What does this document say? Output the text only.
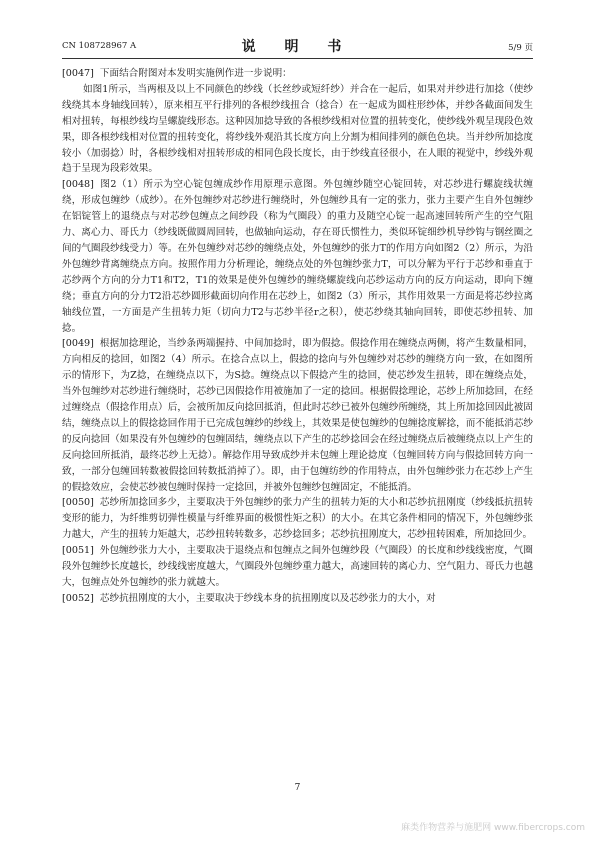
CN 108728967 A	说 明 书	5/9 页

[0047] 下面结合附图对本发明实施例作进一步说明：

如图1所示，当两根及以上不同颜色的纱线（长丝纱或短纤纱）并合在一起后，如果对并纱进行加捻（使纱线绕其本身轴线回转），原来相互平行排列的各根纱线扭合（捻合）在一起成为圆柱形纱体，并纱各截面间发生相对扭转，每根纱线均呈螺旋线形态。这种因加捻导致的各根纱线相对位置的扭转变化，使纱线外观呈现段色效果，即各根纱线相对位置的扭转变化，将纱线外观沿其长度方向上分割为相间排列的颜色色块。当并纱所加捻度较小（加弱捻）时，各根纱线相对扭转形成的相同色段长度长，由于纱线直径很小，在人眼的视觉中，纱线外观趋于呈现为段彩效果。

[0048] 图2（1）所示为空心锭包缠成纱作用原理示意图。外包缠纱随空心锭回转，对芯纱进行螺旋线状缠绕，形成包缠纱（成纱）。在外包缠纱对芯纱进行缠绕时，外包缠纱具有一定的张力，张力主要产生自外包缠纱在铝锭管上的退绕点与对芯纱包缠点之间纱段（称为气圈段）的重力及随空心锭一起高速回转所产生的空气阻力、离心力、哥氏力（纱线既做圆周回转，也做轴向运动，存在哥氏惯性力，类似环锭细纱机导纱钩与钢丝圈之间的气圈段纱线受力）等。在外包缠纱对芯纱的缠绕点处，外包缠纱的张力T的作用方向如图2（2）所示，为沿外包缠纱背离缠绕点方向。按照作用力分析理论，缠绕点处的外包缠纱张力T，可以分解为平行于芯纱和垂直于芯纱两个方向的分力T1和T2，T1的效果是使外包缠纱的缠绕螺旋线向芯纱运动方向的反方向运动，即向下缠绕；垂直方向的分力T2沿芯纱圆形截面切向作用在芯纱上，如图2（3）所示，其作用效果一方面是将芯纱拉离轴线位置，一方面是产生扭转力矩（切向力T2与芯纱半径r之积），使芯纱绕其轴向回转，即使芯纱扭转、加捻。

[0049] 根据加捻理论，当纱条两端握持、中间加捻时，即为假捻。假捻作用在缠绕点两侧，将产生数量相同，方向相反的捻回，如图2（4）所示。在捻合点以上，假捻的捻向与外包缠纱对芯纱的缠绕方向一致，在如图所示的情形下，为Z捻，在缠绕点以下，为S捻。缠绕点以下假捻产生的捻回，使芯纱发生扭转，即在缠绕点处，当外包缠纱对芯纱进行缠绕时，芯纱已因假捻作用被施加了一定的捻回。根据假捻理论，芯纱上所加捻回，在经过缠绕点（假捻作用点）后，会被所加反向捻回抵消，但此时芯纱已被外包缠纱所缠绕，其上所加捻回因此被固结，缠绕点以上的假捻捻回作用于已完成包缠纱的纱线上，其效果是使包缠纱的包缠捻度解捻，而不能抵消芯纱的反向捻回（如果没有外包缠纱的包缠固结，缠绕点以下产生的芯纱捻回会在经过缠绕点后被缠绕点以上产生的反向捻回所抵消，最终芯纱上无捻）。解捻作用导致成纱并未包缠上理论捻度（包缠回转方向与假捻回转方向一致，一部分包缠回转数被假捻回转数抵消掉了）。即，由于包缠纺纱的作用特点，由外包缠纱张力在芯纱上产生的假捻效应，会使芯纱被包缠时保持一定捻回，并被外包缠纱包缠固定，不能抵消。

[0050] 芯纱所加捻回多少，主要取决于外包缠纱的张力产生的扭转力矩的大小和芯纱抗扭刚度（纱线抵抗扭转变形的能力，为纤维剪切弹性模量与纤维界面的极惯性矩之积）的大小。在其它条件相同的情况下，外包缠纱张力越大，产生的扭转力矩越大，芯纱扭转转数多，芯纱捻回多；芯纱抗扭刚度大，芯纱扭转困难，所加捻回少。

[0051] 外包缠纱张力大小，主要取决于退绕点和包缠点之间外包缠纱段（气圈段）的长度和纱线线密度，气圈段外包缠纱长度越长，纱线线密度越大，气圈段外包缠纱重力越大，高速回转的离心力、空气阻力、哥氏力也越大，包缠点处外包缠纱的张力就越大。

[0052] 芯纱抗扭刚度的大小，主要取决于纱线本身的抗扭刚度以及芯纱张力的大小，对

7
麻类作物营养与施肥网 www.fibercrops.com
